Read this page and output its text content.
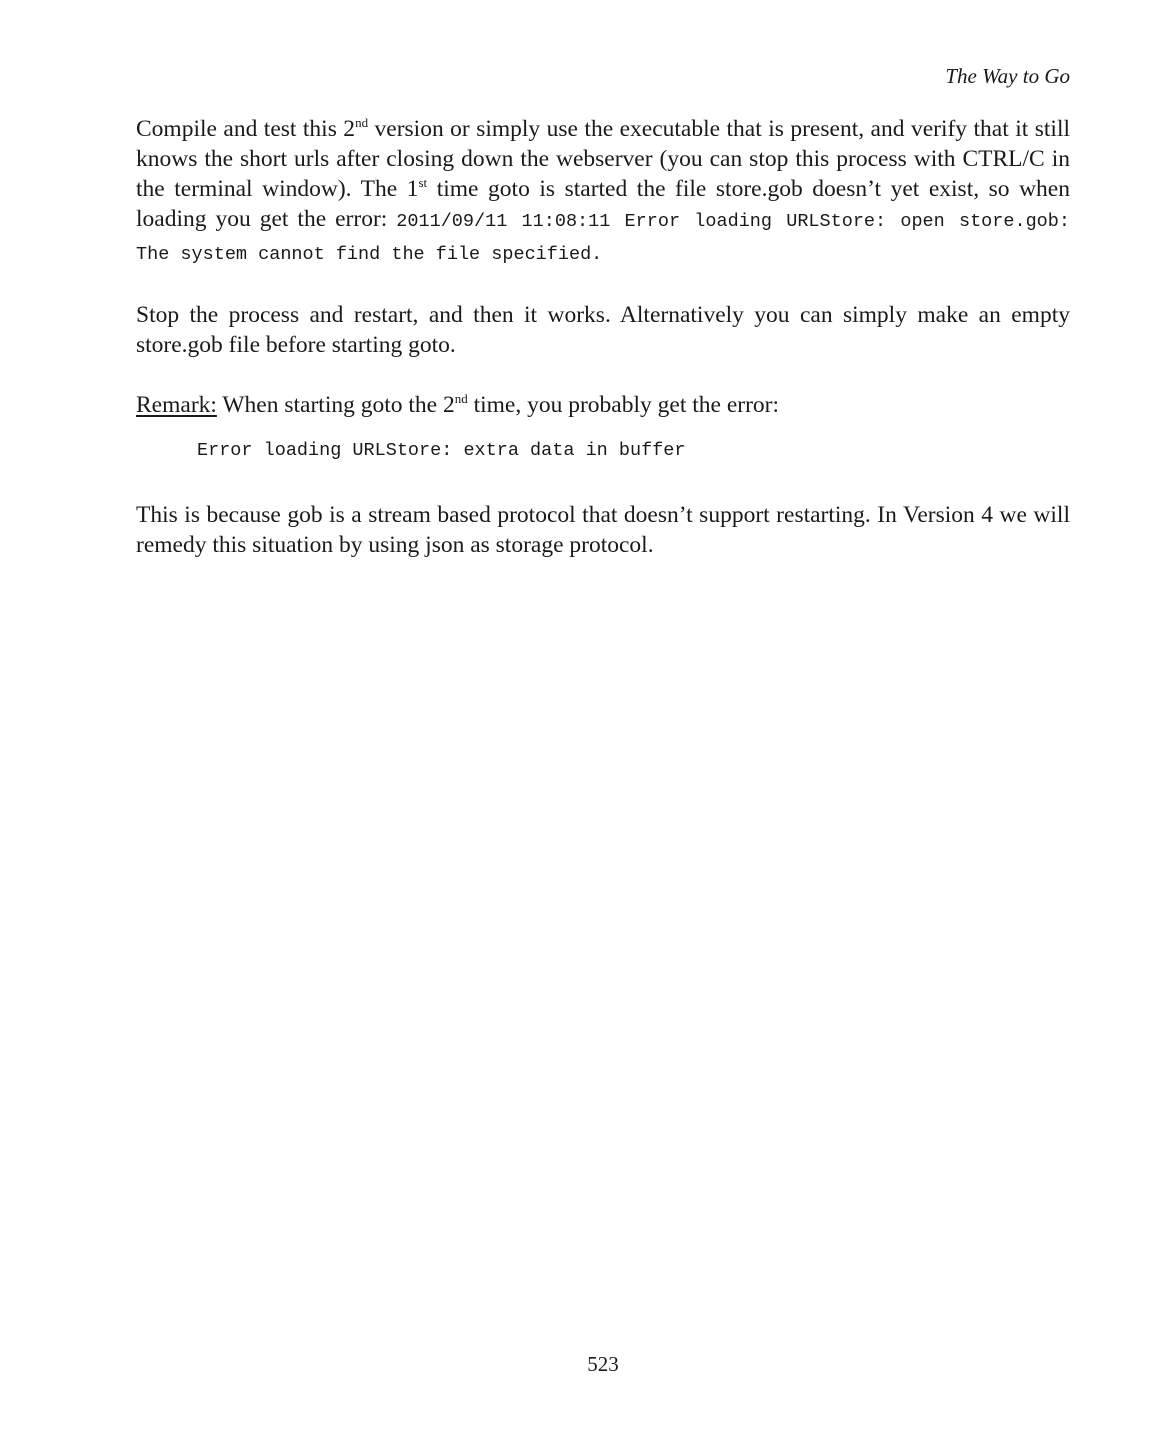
The Way to Go

Compile and test this 2nd version or simply use the executable that is present, and verify that it still knows the short urls after closing down the webserver (you can stop this process with CTRL/C in the terminal window). The 1st time goto is started the file store.gob doesn’t yet exist, so when loading you get the error: 2011/09/11 11:08:11 Error loading URLStore: open store.gob: The system cannot find the file specified.

Stop the process and restart, and then it works. Alternatively you can simply make an empty store.gob file before starting goto.

Remark: When starting goto the 2nd time, you probably get the error:

Error loading URLStore: extra data in buffer

This is because gob is a stream based protocol that doesn’t support restarting. In Version 4 we will remedy this situation by using json as storage protocol.

523
